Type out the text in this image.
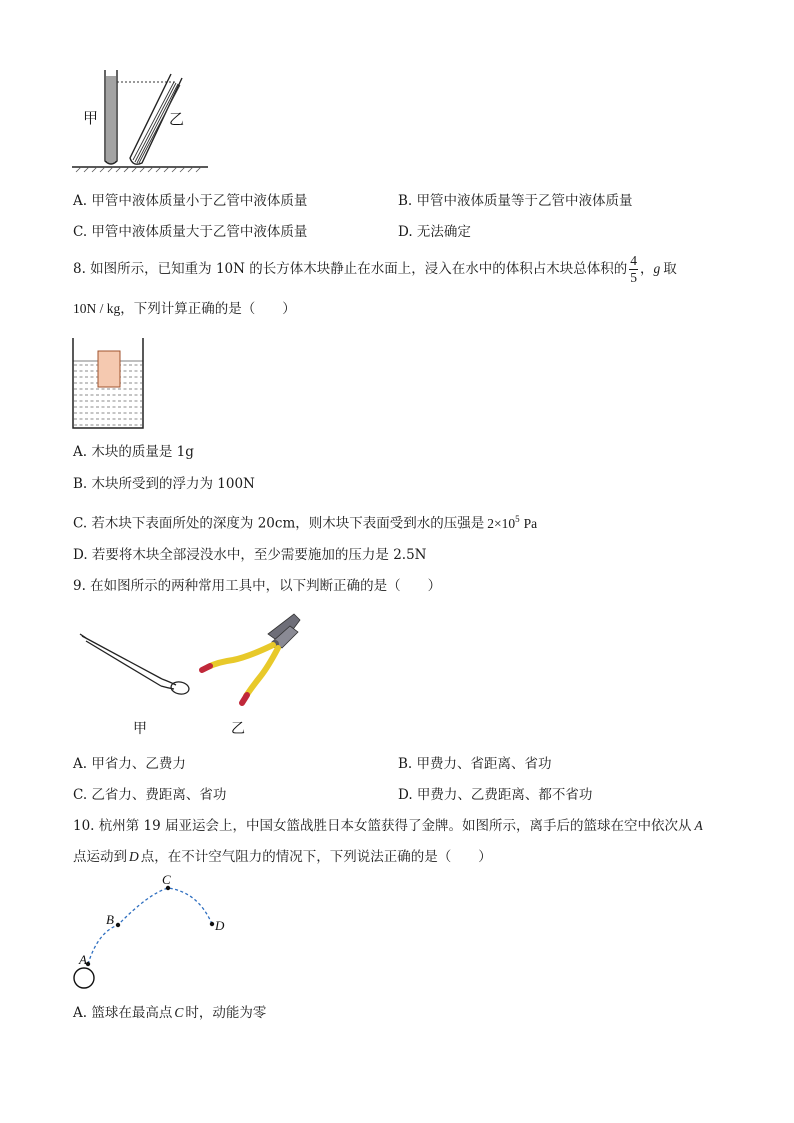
甲	乙
A. 甲管中液体质量小于乙管中液体质量	B. 甲管中液体质量等于乙管中液体质量
C. 甲管中液体质量大于乙管中液体质量	D. 无法确定
8. 如图所示，已知重为 10N 的长方体木块静止在水面上，浸入在水中的体积占木块总体积的 $\frac{4}{5}$ ， g 取
10N / kg，下列计算正确的是（　　）
A. 木块的质量是 1g
B. 木块所受到的浮力为 100N
C. 若木块下表面所处的深度为 20cm，则木块下表面受到水的压强是 $2\times 10^5$ Pa
D. 若要将木块全部浸没水中，至少需要施加的压力是 2.5N
9. 在如图所示的两种常用工具中，以下判断正确的是（　　）
甲	乙
A. 甲省力、乙费力	B. 甲费力、省距离、省功
C. 乙省力、费距离、省功	D. 甲费力、乙费距离、都不省功
10. 杭州第 19 届亚运会上，中国女篮战胜日本女篮获得了金牌。如图所示，离手后的篮球在空中依次从 A
点运动到 D 点，在不计空气阻力的情况下，下列说法正确的是（　　）
A
B
C
D
A. 篮球在最高点 C 时，动能为零
